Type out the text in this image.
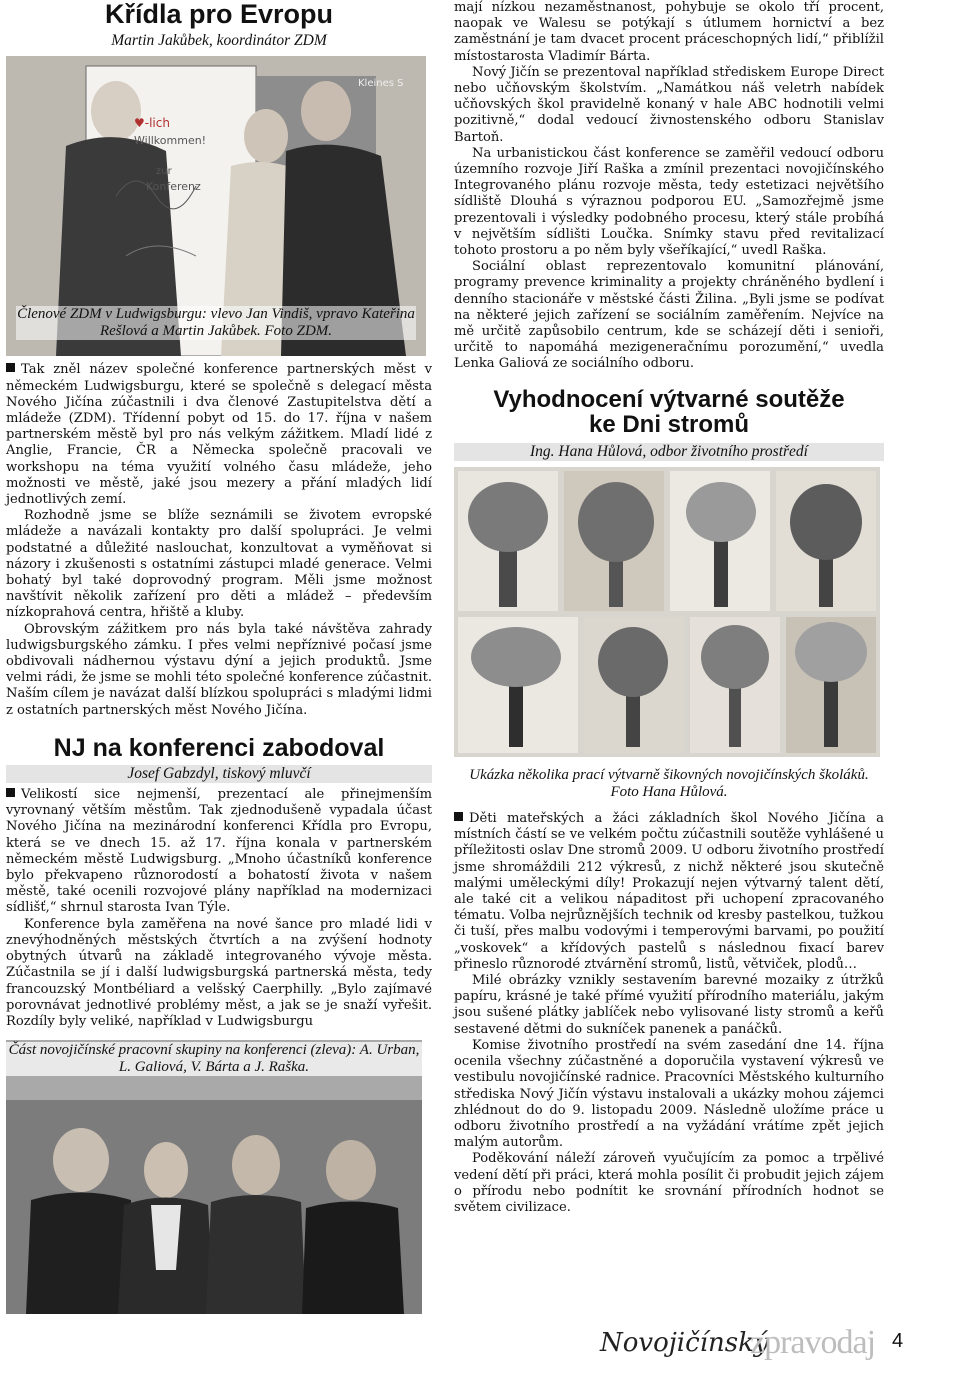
Křídla pro Evropu

Martin Jakůbek, koordinátor ZDM

♥-lich
Willkommen!
zur
Konferenz
Kleines S

Členové ZDM v Ludwigsburgu: vlevo Jan Vindiš, vpravo Kateřina Rešlová a Martin Jakůbek. Foto ZDM.

Tak zněl název společné konference partnerských měst v německém Ludwigsburgu, které se společně s delegací města Nového Jičína zúčastnili i dva členové Zastupitelstva dětí a mládeže (ZDM). Třídenní pobyt od 15. do 17. října v našem partnerském městě byl pro nás velkým zážitkem. Mladí lidé z Anglie, Francie, ČR a Německa společně pracovali ve workshopu na téma využití volného času mládeže, jeho možnosti ve městě, jaké jsou mezery a přání mladých lidí jednotlivých zemí.

Rozhodně jsme se blíže seznámili se životem evropské mládeže a navázali kontakty pro další spolupráci. Je velmi podstatné a důležité naslouchat, konzultovat a vyměňovat si názory i zkušenosti s ostatními zástupci mladé generace. Velmi bohatý byl také doprovodný program. Měli jsme možnost navštívit několik zařízení pro děti a mládež – především nízkoprahová centra, hřiště a kluby.

Obrovským zážitkem pro nás byla také návštěva zahrady ludwigsburgského zámku. I přes velmi nepříznivé počasí jsme obdivovali nádhernou výstavu dýní a jejich produktů. Jsme velmi rádi, že jsme se mohli této společné konference zúčastnit. Naším cílem je navázat další blízkou spolupráci s mladými lidmi z ostatních partnerských měst Nového Jičína.

NJ na konferenci zabodoval

Josef Gabzdyl, tiskový mluvčí

Velikostí sice nejmenší, prezentací ale přinejmenším vyrovnaný větším městům. Tak zjednodušeně vypadala účast Nového Jičína na mezinárodní konferenci Křídla pro Evropu, která se ve dnech 15. až 17. října konala v partnerském německém městě Ludwigsburg. „Mnoho účastníků konference bylo překvapeno různorodostí a bohatostí života v našem městě, také ocenili rozvojové plány například na modernizaci sídlišť,“ shrnul starosta Ivan Týle.

Konference byla zaměřena na nové šance pro mladé lidi v znevýhodněných městských čtvrtích a na zvýšení hodnoty obytných útvarů na základě integrovaného vývoje města. Zúčastnila se jí i další ludwigsburgská partnerská města, tedy francouzský Montbéliard a velšský Caerphilly. „Bylo zajímavé porovnávat jednotlivé problémy měst, a jak se je snaží vyřešit. Rozdíly byly veliké, například v Ludwigsburgu

Část novojičínské pracovní skupiny na konferenci (zleva): A. Urban, L. Galiová, V. Bárta a J. Raška.

mají nízkou nezaměstnanost, pohybuje se okolo tří procent, naopak ve Walesu se potýkají s útlumem hornictví a bez zaměstnání je tam dvacet procent práceschopných lidí,“ přiblížil místostarosta Vladimír Bárta.

Nový Jičín se prezentoval například střediskem Europe Direct nebo učňovským školstvím. „Namátkou náš veletrh nabídek učňovských škol pravidelně konaný v hale ABC hodnotili velmi pozitivně,“ dodal vedoucí živnostenského odboru Stanislav Bartoň.

Na urbanistickou část konference se zaměřil vedoucí odboru územního rozvoje Jiří Raška a zmínil prezentaci novojičínského Integrovaného plánu rozvoje města, tedy estetizaci největšího sídliště Dlouhá s výraznou podporou EU. „Samozřejmě jsme prezentovali i výsledky podobného procesu, který stále probíhá v největším sídlišti Loučka. Snímky stavu před revitalizací tohoto prostoru a po něm byly všeříkající,“ uvedl Raška.

Sociální oblast reprezentovalo komunitní plánování, programy prevence kriminality a projekty chráněného bydlení i denního stacionáře v městské části Žilina. „Byli jsme se podívat na některé jejich zařízení se sociálním zaměřením. Nejvíce na mě určitě zapůsobilo centrum, kde se scházejí děti i senioři, určitě to napomáhá mezigeneračnímu porozumění,“ uvedla Lenka Galiová ze sociálního odboru.

Vyhodnocení výtvarné soutěže
ke Dni stromů

Ing. Hana Hůlová, odbor životního prostředí

Ukázka několika prací výtvarně šikovných novojičínských školáků. Foto Hana Hůlová.

Děti mateřských a žáci základních škol Nového Jičína a místních částí se ve velkém počtu zúčastnili soutěže vyhlášené u příležitosti oslav Dne stromů 2009. U odboru životního prostředí jsme shromáždili 212 výkresů, z nichž některé jsou skutečně malými uměleckými díly! Prokazují nejen výtvarný talent dětí, ale také cit a velikou nápaditost při uchopení zpracovaného tématu. Volba nejrůznějších technik od kresby pastelkou, tužkou či tuší, přes malbu vodovými i temperovými barvami, po použití „voskovek“ a křídových pastelů s následnou fixací barev přineslo různorodé ztvárnění stromů, listů, větviček, plodů…

Milé obrázky vznikly sestavením barevné mozaiky z útržků papíru, krásné je také přímé využití přírodního materiálu, jakým jsou sušené plátky jablíček nebo vylisované listy stromů a keřů sestavené dětmi do sukníček panenek a panáčků.

Komise životního prostředí na svém zasedání dne 14. října ocenila všechny zúčastněné a doporučila vystavení výkresů ve vestibulu novojičínské radnice. Pracovníci Městského kulturního střediska Nový Jičín výstavu instalovali a ukázky mohou zájemci zhlédnout do do 9. listopadu 2009. Následně uložíme práce u odboru životního prostředí a na vyžádání vrátíme zpět jejich malým autorům.

Poděkování náleží zároveň vyučujícím za pomoc a trpělivé vedení dětí při práci, která mohla posílit či probudit jejich zájem o přírodu nebo podnítit ke srovnání přírodních hodnot se světem civilizace.

Novojičínský
zpravodaj 4
